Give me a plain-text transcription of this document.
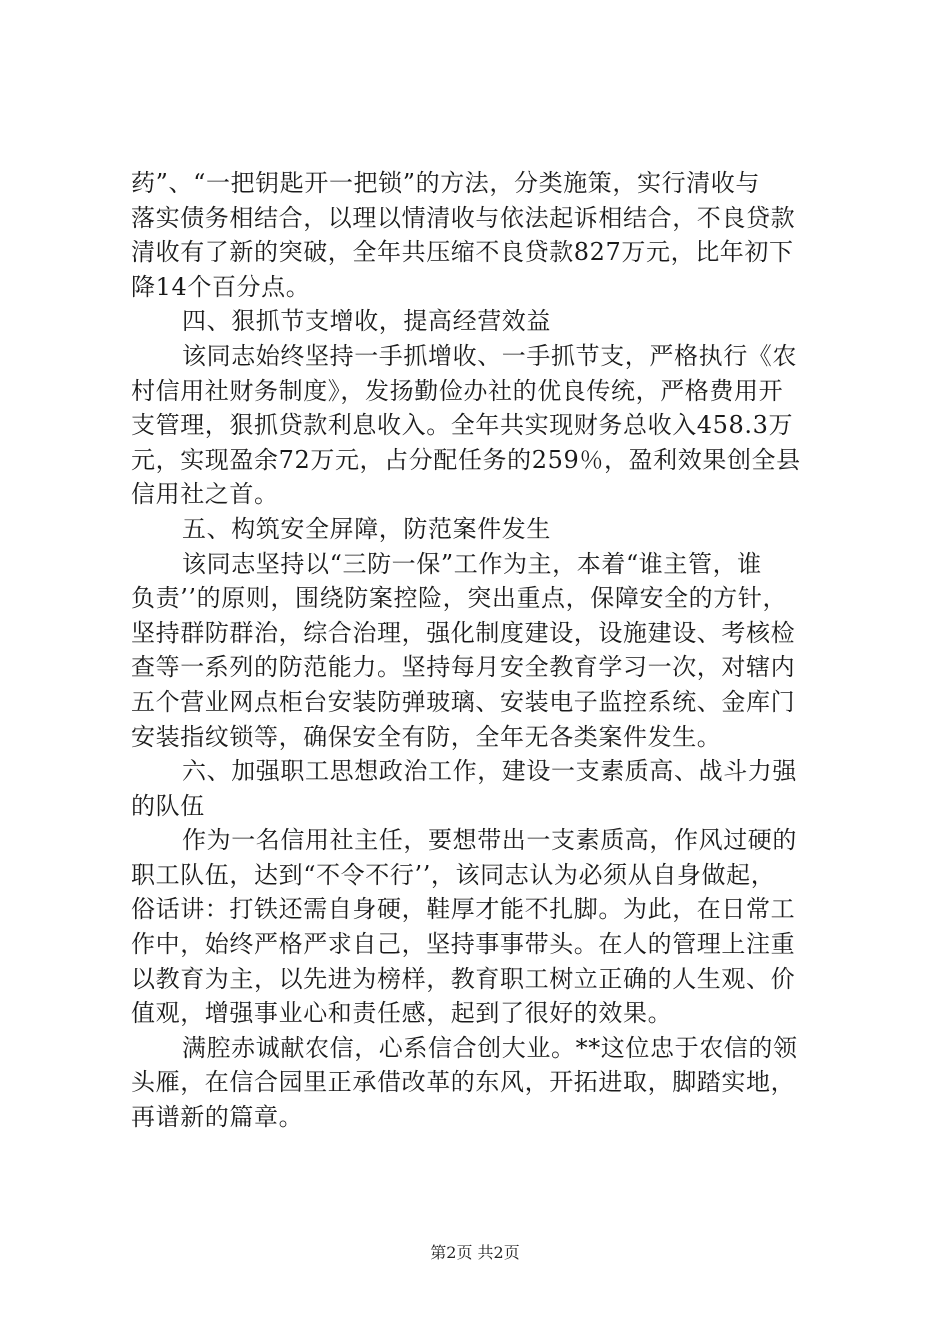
药”、“一把钥匙开一把锁”的方法，分类施策，实行清收与
落实债务相结合，以理以情清收与依法起诉相结合，不良贷款
清收有了新的突破，全年共压缩不良贷款827万元，比年初下
降14个百分点。
四、狠抓节支增收，提高经营效益
该同志始终坚持一手抓增收、一手抓节支，严格执行《农
村信用社财务制度》，发扬勤俭办社的优良传统，严格费用开
支管理，狠抓贷款利息收入。全年共实现财务总收入458.3万
元，实现盈余72万元，占分配任务的259％，盈利效果创全县
信用社之首。
五、构筑安全屏障，防范案件发生
该同志坚持以“三防一保”工作为主，本着“谁主管，谁
负责’’的原则，围绕防案控险，突出重点，保障安全的方针，
坚持群防群治，综合治理，强化制度建设，设施建设、考核检
查等一系列的防范能力。坚持每月安全教育学习一次，对辖内
五个营业网点柜台安装防弹玻璃、安装电子监控系统、金库门
安装指纹锁等，确保安全有防，全年无各类案件发生。
六、加强职工思想政治工作，建设一支素质高、战斗力强
的队伍
作为一名信用社主任，要想带出一支素质高，作风过硬的
职工队伍，达到“不令不行’’，该同志认为必须从自身做起，
俗话讲：打铁还需自身硬，鞋厚才能不扎脚。为此，在日常工
作中，始终严格严求自己，坚持事事带头。在人的管理上注重
以教育为主，以先进为榜样，教育职工树立正确的人生观、价
值观，增强事业心和责任感，起到了很好的效果。
满腔赤诚献农信，心系信合创大业。**这位忠于农信的领
头雁，在信合园里正承借改革的东风，开拓进取，脚踏实地，
再谱新的篇章。
第2页 共2页
